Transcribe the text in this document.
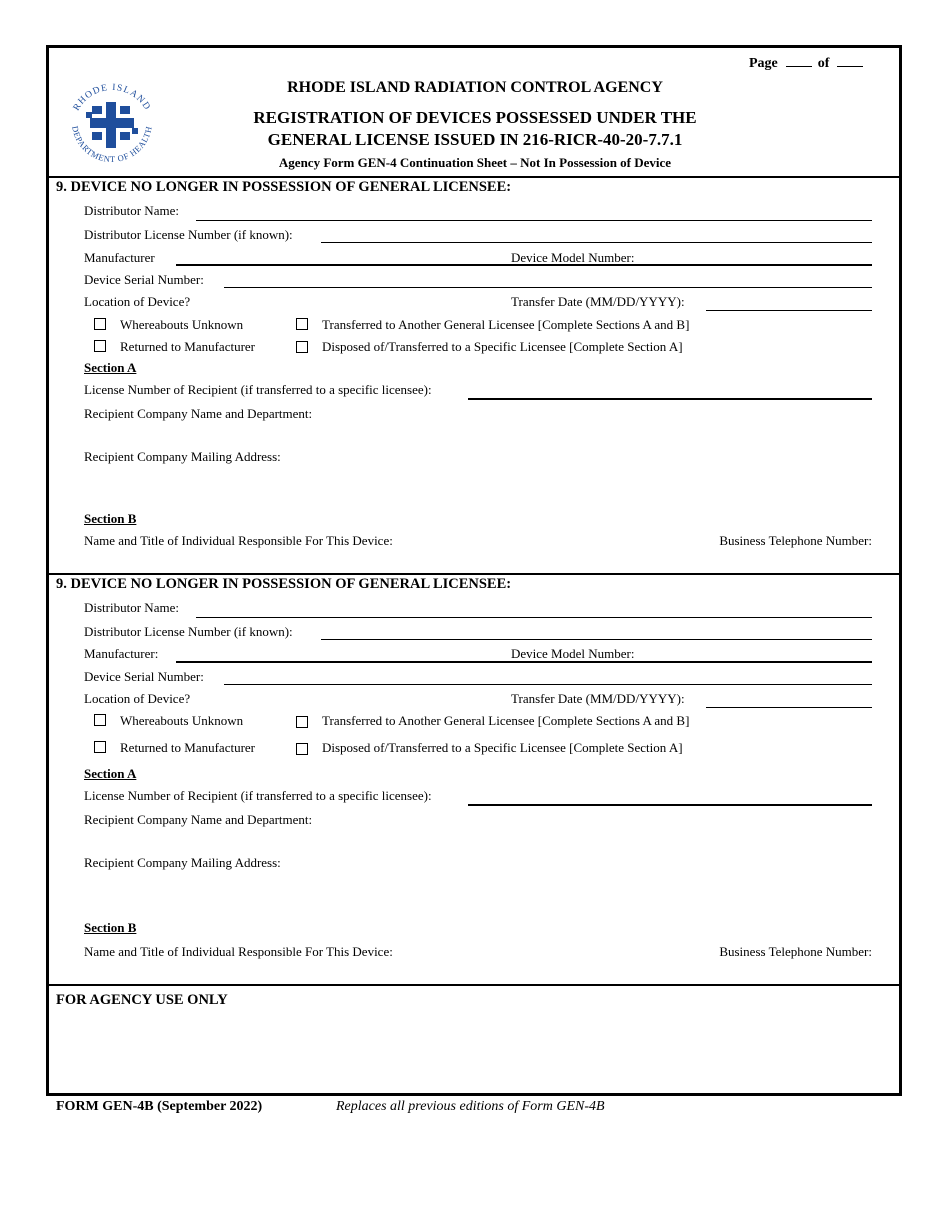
Page	of
RHODE ISLAND
DEPARTMENT OF HEALTH
RHODE ISLAND RADIATION CONTROL AGENCY
REGISTRATION OF DEVICES POSSESSED UNDER THE
GENERAL LICENSE ISSUED IN 216-RICR-40-20-7.7.1
Agency Form GEN-4 Continuation Sheet – Not In Possession of Device
9. DEVICE NO LONGER IN POSSESSION OF GENERAL LICENSEE:
Distributor Name:
Distributor License Number (if known):
Manufacturer	Device Model Number:
Device Serial Number:
Location of Device?	Transfer Date (MM/DD/YYYY):
Whereabouts Unknown	Transferred to Another General Licensee [Complete Sections A and B]
Returned to Manufacturer	Disposed of/Transferred to a Specific Licensee [Complete Section A]
Section A
License Number of Recipient (if transferred to a specific licensee):
Recipient Company Name and Department:
Recipient Company Mailing Address:
Section B
Name and Title of Individual Responsible For This Device:	Business Telephone Number:
9. DEVICE NO LONGER IN POSSESSION OF GENERAL LICENSEE:
Distributor Name:
Distributor License Number (if known):
Manufacturer:	Device Model Number:
Device Serial Number:
Location of Device?	Transfer Date (MM/DD/YYYY):
Whereabouts Unknown	Transferred to Another General Licensee [Complete Sections A and B]
Returned to Manufacturer	Disposed of/Transferred to a Specific Licensee [Complete Section A]
Section A
License Number of Recipient (if transferred to a specific licensee):
Recipient Company Name and Department:
Recipient Company Mailing Address:
Section B
Name and Title of Individual Responsible For This Device:	Business Telephone Number:
FOR AGENCY USE ONLY
FORM GEN-4B (September 2022)	Replaces all previous editions of Form GEN-4B
